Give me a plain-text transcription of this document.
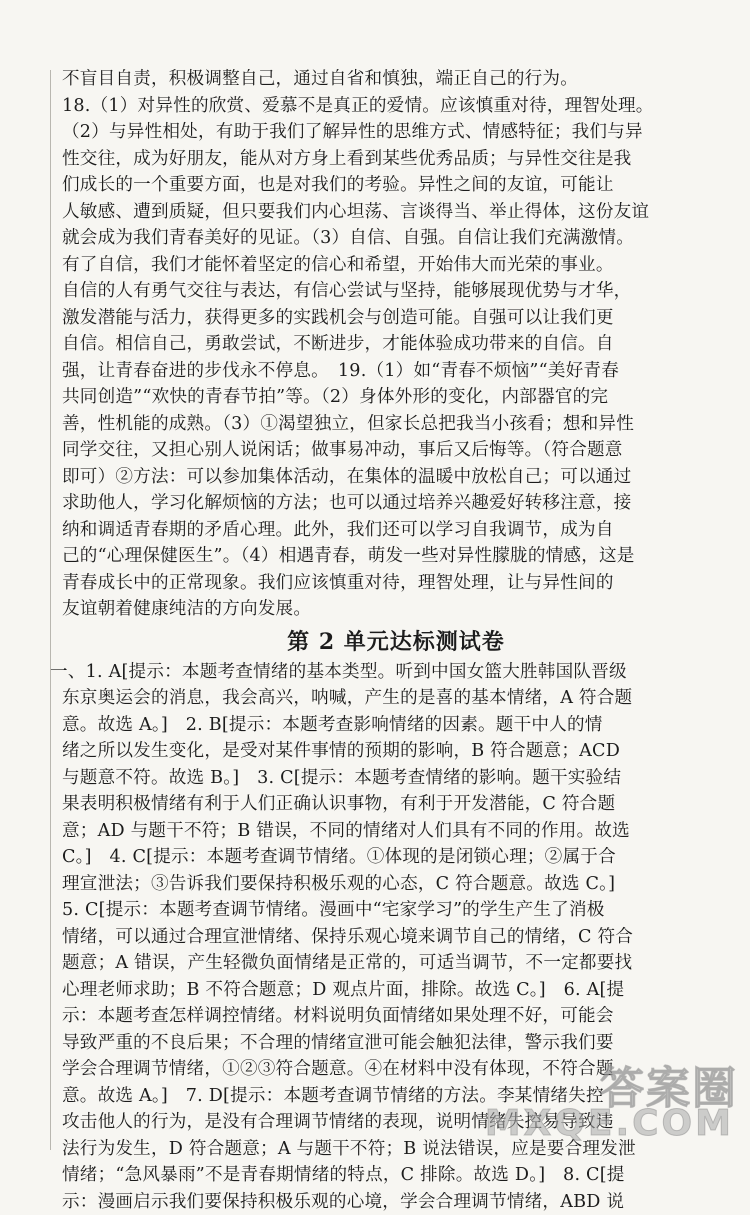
不盲目自责，积极调整自己，通过自省和慎独，端正自己的行为。
18.（1）对异性的欣赏、爱慕不是真正的爱情。应该慎重对待，理智处理。
（2）与异性相处，有助于我们了解异性的思维方式、情感特征；我们与异
性交往，成为好朋友，能从对方身上看到某些优秀品质；与异性交往是我
们成长的一个重要方面，也是对我们的考验。异性之间的友谊，可能让
人敏感、遭到质疑，但只要我们内心坦荡、言谈得当、举止得体，这份友谊
就会成为我们青春美好的见证。（3）自信、自强。自信让我们充满激情。
有了自信，我们才能怀着坚定的信心和希望，开始伟大而光荣的事业。
自信的人有勇气交往与表达，有信心尝试与坚持，能够展现优势与才华，
激发潜能与活力，获得更多的实践机会与创造可能。自强可以让我们更
自信。相信自己，勇敢尝试，不断进步，才能体验成功带来的自信。自
强，让青春奋进的步伐永不停息。　19.（1）如“青春不烦恼”“美好青春
共同创造”“欢快的青春节拍”等。（2）身体外形的变化，内部器官的完
善，性机能的成熟。（3）①渴望独立，但家长总把我当小孩看；想和异性
同学交往，又担心别人说闲话；做事易冲动，事后又后悔等。（符合题意
即可）②方法：可以参加集体活动，在集体的温暖中放松自己；可以通过
求助他人，学习化解烦恼的方法；也可以通过培养兴趣爱好转移注意，接
纳和调适青春期的矛盾心理。此外，我们还可以学习自我调节，成为自
己的“心理保健医生”。（4）相遇青春，萌发一些对异性朦胧的情感，这是
青春成长中的正常现象。我们应该慎重对待，理智处理，让与异性间的
友谊朝着健康纯洁的方向发展。
第 2 单元达标测试卷
一、1. A[提示：本题考查情绪的基本类型。听到中国女篮大胜韩国队晋级
东京奥运会的消息，我会高兴，呐喊，产生的是喜的基本情绪，A 符合题
意。故选 A。]　2. B[提示：本题考查影响情绪的因素。题干中人的情
绪之所以发生变化，是受对某件事情的预期的影响，B 符合题意；ACD
与题意不符。故选 B。]　3. C[提示：本题考查情绪的影响。题干实验结
果表明积极情绪有利于人们正确认识事物，有利于开发潜能，C 符合题
意；AD 与题干不符；B 错误，不同的情绪对人们具有不同的作用。故选
C。]　4. C[提示：本题考查调节情绪。①体现的是闭锁心理；②属于合
理宣泄法；③告诉我们要保持积极乐观的心态，C 符合题意。故选 C。]
5. C[提示：本题考查调节情绪。漫画中“宅家学习”的学生产生了消极
情绪，可以通过合理宣泄情绪、保持乐观心境来调节自己的情绪，C 符合
题意；A 错误，产生轻微负面情绪是正常的，可适当调节，不一定都要找
心理老师求助；B 不符合题意；D 观点片面，排除。故选 C。]　6. A[提
示：本题考查怎样调控情绪。材料说明负面情绪如果处理不好，可能会
导致严重的不良后果；不合理的情绪宣泄可能会触犯法律，警示我们要
学会合理调节情绪，①②③符合题意。④在材料中没有体现，不符合题
意。故选 A。]　7. D[提示：本题考查调节情绪的方法。李某情绪失控
攻击他人的行为，是没有合理调节情绪的表现，说明情绪失控易导致违
法行为发生，D 符合题意；A 与题干不符；B 说法错误，应是要合理发泄
情绪；“急风暴雨”不是青春期情绪的特点，C 排除。故选 D。]　8. C[提
示：漫画启示我们要保持积极乐观的心境，学会合理调节情绪，ABD 说
答案圈
MXQE.COM
